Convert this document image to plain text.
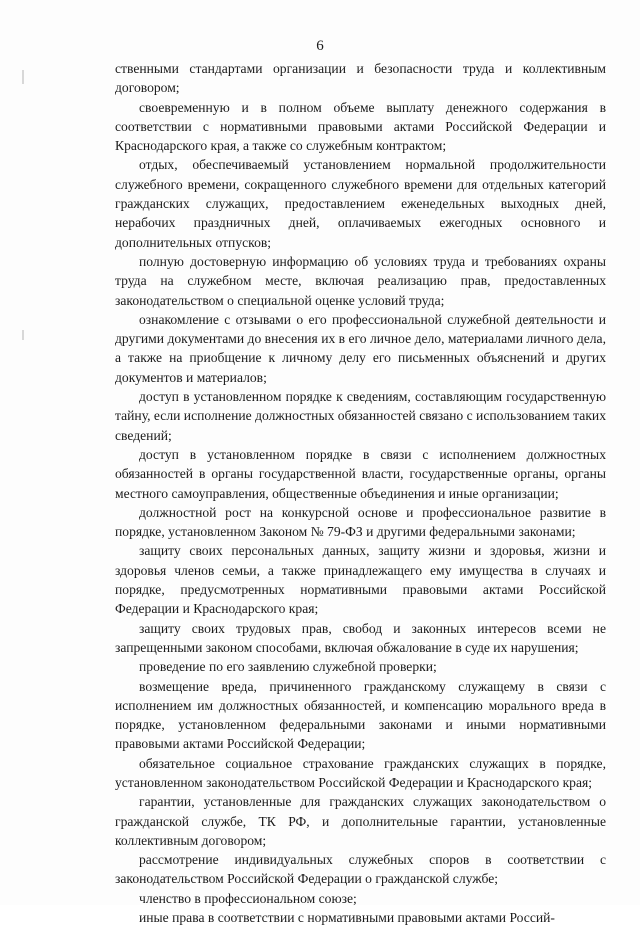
6

ственными стандартами организации и безопасности труда и коллективным договором;

своевременную и в полном объеме выплату денежного содержания в соответствии с нормативными правовыми актами Российской Федерации и Краснодарского края, а также со служебным контрактом;

отдых, обеспечиваемый установлением нормальной продолжительности служебного времени, сокращенного служебного времени для отдельных категорий гражданских служащих, предоставлением еженедельных выходных дней, нерабочих праздничных дней, оплачиваемых ежегодных основного и дополнительных отпусков;

полную достоверную информацию об условиях труда и требованиях охраны труда на служебном месте, включая реализацию прав, предоставленных законодательством о специальной оценке условий труда;

ознакомление с отзывами о его профессиональной служебной деятельности и другими документами до внесения их в его личное дело, материалами личного дела, а также на приобщение к личному делу его письменных объяснений и других документов и материалов;

доступ в установленном порядке к сведениям, составляющим государственную тайну, если исполнение должностных обязанностей связано с использованием таких сведений;

доступ в установленном порядке в связи с исполнением должностных обязанностей в органы государственной власти, государственные органы, органы местного самоуправления, общественные объединения и иные организации;

должностной рост на конкурсной основе и профессиональное развитие в порядке, установленном Законом № 79-ФЗ и другими федеральными законами;

защиту своих персональных данных, защиту жизни и здоровья, жизни и здоровья членов семьи, а также принадлежащего ему имущества в случаях и порядке, предусмотренных нормативными правовыми актами Российской Федерации и Краснодарского края;

защиту своих трудовых прав, свобод и законных интересов всеми не запрещенными законом способами, включая обжалование в суде их нарушения;

проведение по его заявлению служебной проверки;

возмещение вреда, причиненного гражданскому служащему в связи с исполнением им должностных обязанностей, и компенсацию морального вреда в порядке, установленном федеральными законами и иными нормативными правовыми актами Российской Федерации;

обязательное социальное страхование гражданских служащих в порядке, установленном законодательством Российской Федерации и Краснодарского края;

гарантии, установленные для гражданских служащих законодательством о гражданской службе, ТК РФ, и дополнительные гарантии, установленные коллективным договором;

рассмотрение индивидуальных служебных споров в соответствии с законодательством Российской Федерации о гражданской службе;

членство в профессиональном союзе;

иные права в соответствии с нормативными правовыми актами Россий-
